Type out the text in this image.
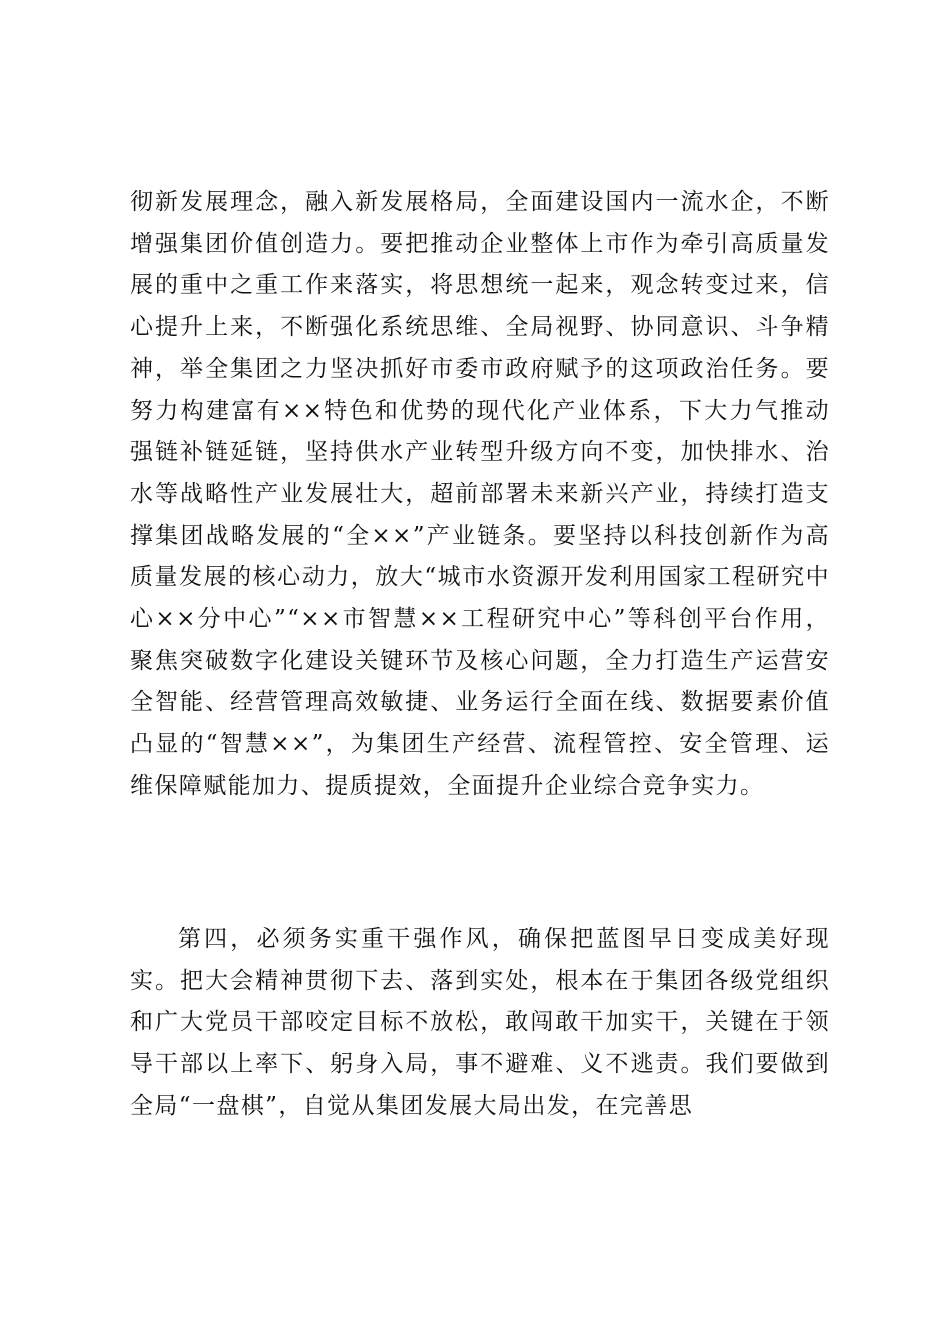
彻新发展理念，融入新发展格局，全面建设国内一流水企，不断增强集团价值创造力。要把推动企业整体上市作为牵引高质量发展的重中之重工作来落实，将思想统一起来，观念转变过来，信心提升上来，不断强化系统思维、全局视野、协同意识、斗争精神，举全集团之力坚决抓好市委市政府赋予的这项政治任务。要努力构建富有××特色和优势的现代化产业体系，下大力气推动强链补链延链，坚持供水产业转型升级方向不变，加快排水、治水等战略性产业发展壮大，超前部署未来新兴产业，持续打造支撑集团战略发展的“全××”产业链条。要坚持以科技创新作为高质量发展的核心动力，放大“城市水资源开发利用国家工程研究中心××分中心”“××市智慧××工程研究中心”等科创平台作用，聚焦突破数字化建设关键环节及核心问题，全力打造生产运营安全智能、经营管理高效敏捷、业务运行全面在线、数据要素价值凸显的“智慧××”，为集团生产经营、流程管控、安全管理、运维保障赋能加力、提质提效，全面提升企业综合竞争实力。

第四，必须务实重干强作风，确保把蓝图早日变成美好现实。把大会精神贯彻下去、落到实处，根本在于集团各级党组织和广大党员干部咬定目标不放松，敢闯敢干加实干，关键在于领导干部以上率下、躬身入局，事不避难、义不逃责。我们要做到全局“一盘棋”，自觉从集团发展大局出发，在完善思
